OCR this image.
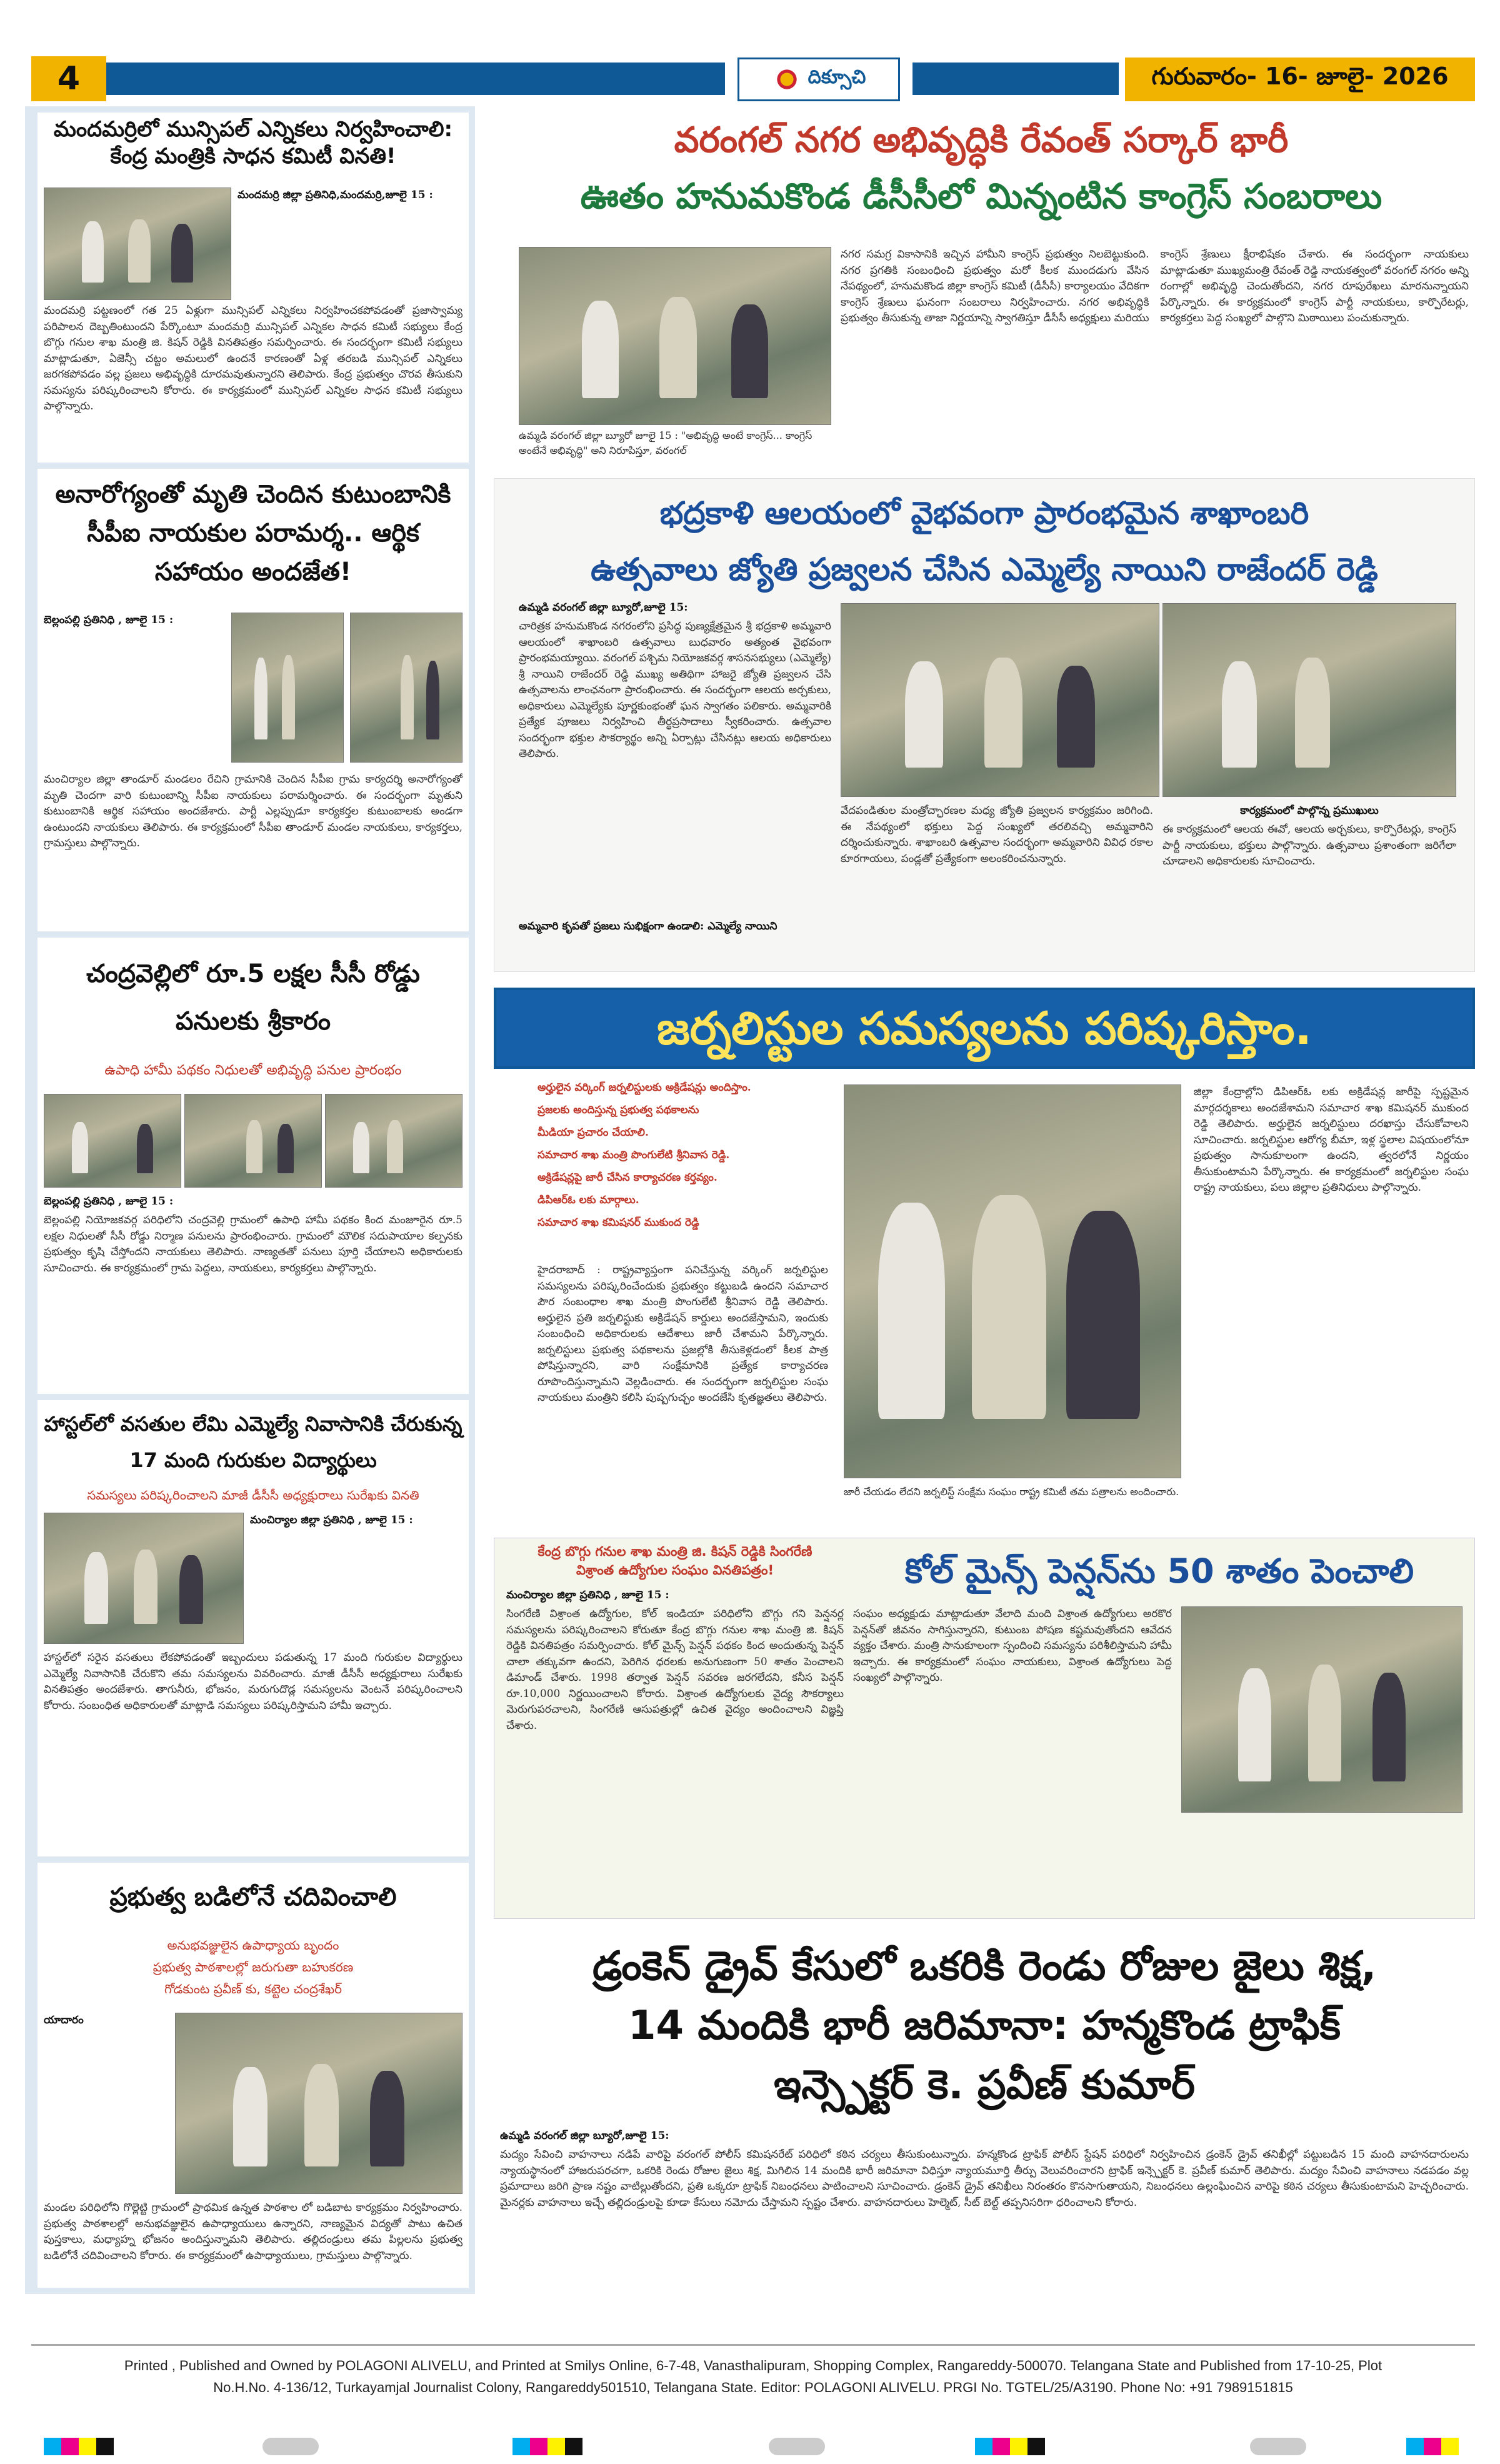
4	దిక్సూచి	గురువారం- 16- జూలై- 2026
మందమర్రిలో మున్సిపల్ ఎన్నికలు నిర్వహించాలి: కేంద్ర మంత్రికి సాధన కమిటీ వినతి!
మందమర్రి జిల్లా ప్రతినిధి,మందమర్రి,జూలై 15 :
మందమర్రి పట్టణంలో గత 25 ఏళ్లుగా మున్సిపల్ ఎన్నికలు నిర్వహించకపోవడంతో ప్రజాస్వామ్య పరిపాలన దెబ్బతింటుందని పేర్కొంటూ మందమర్రి మున్సిపల్ ఎన్నికల సాధన కమిటీ సభ్యులు కేంద్ర బొగ్గు గనుల శాఖ మంత్రి జి. కిషన్ రెడ్డికి వినతిపత్రం సమర్పించారు. ఈ సందర్భంగా కమిటీ సభ్యులు మాట్లాడుతూ, ఏజెన్సీ చట్టం అమలులో ఉందనే కారణంతో ఏళ్ల తరబడి మున్సిపల్ ఎన్నికలు జరగకపోవడం వల్ల ప్రజలు అభివృద్ధికి దూరమవుతున్నారని తెలిపారు. కేంద్ర ప్రభుత్వం చొరవ తీసుకుని సమస్యను పరిష్కరించాలని కోరారు. ఈ కార్యక్రమంలో మున్సిపల్ ఎన్నికల సాధన కమిటీ సభ్యులు పాల్గొన్నారు.
అనారోగ్యంతో మృతి చెందిన కుటుంబానికి సీపీఐ నాయకుల పరామర్శ.. ఆర్థిక సహాయం అందజేత!
బెల్లంపల్లి ప్రతినిధి , జూలై 15 :
మంచిర్యాల జిల్లా తాండూర్ మండలం రేచిని గ్రామానికి చెందిన సీపీఐ గ్రామ కార్యదర్శి అనారోగ్యంతో మృతి చెందగా వారి కుటుంబాన్ని సీపీఐ నాయకులు పరామర్శించారు. ఈ సందర్భంగా మృతుని కుటుంబానికి ఆర్థిక సహాయం అందజేశారు. పార్టీ ఎల్లప్పుడూ కార్యకర్తల కుటుంబాలకు అండగా ఉంటుందని నాయకులు తెలిపారు. ఈ కార్యక్రమంలో సీపీఐ తాండూర్ మండల నాయకులు, కార్యకర్తలు, గ్రామస్తులు పాల్గొన్నారు.
చంద్రవెల్లిలో రూ.5 లక్షల సీసీ రోడ్డు పనులకు శ్రీకారం
ఉపాధి హామీ పథకం నిధులతో అభివృద్ధి పనుల ప్రారంభం
బెల్లంపల్లి ప్రతినిధి , జూలై 15 :
బెల్లంపల్లి నియోజకవర్గ పరిధిలోని చంద్రవెల్లి గ్రామంలో ఉపాధి హామీ పథకం కింద మంజూరైన రూ.5 లక్షల నిధులతో సీసీ రోడ్డు నిర్మాణ పనులను ప్రారంభించారు. గ్రామంలో మౌలిక సదుపాయాల కల్పనకు ప్రభుత్వం కృషి చేస్తోందని నాయకులు తెలిపారు. నాణ్యతతో పనులు పూర్తి చేయాలని అధికారులకు సూచించారు. ఈ కార్యక్రమంలో గ్రామ పెద్దలు, నాయకులు, కార్యకర్తలు పాల్గొన్నారు.
హాస్టల్‌లో వసతుల లేమి ఎమ్మెల్యే నివాసానికి చేరుకున్న 17 మంది గురుకుల విద్యార్థులు
సమస్యలు పరిష్కరించాలని మాజీ డీసీసీ అధ్యక్షురాలు సురేఖకు వినతి
మంచిర్యాల జిల్లా ప్రతినిధి , జూలై 15 :
హాస్టల్‌లో సరైన వసతులు లేకపోవడంతో ఇబ్బందులు పడుతున్న 17 మంది గురుకుల విద్యార్థులు ఎమ్మెల్యే నివాసానికి చేరుకొని తమ సమస్యలను వివరించారు. మాజీ డీసీసీ అధ్యక్షురాలు సురేఖకు వినతిపత్రం అందజేశారు. తాగునీరు, భోజనం, మరుగుదొడ్ల సమస్యలను వెంటనే పరిష్కరించాలని కోరారు. సంబంధిత అధికారులతో మాట్లాడి సమస్యలు పరిష్కరిస్తామని హామీ ఇచ్చారు.
ప్రభుత్వ బడిలోనే చదివించాలి
అనుభవజ్ఞులైన ఉపాధ్యాయ బృందం
ప్రభుత్వ పాఠశాలల్లో జరుగుతా బహుకరణ
గోడకుంట ప్రవీణ్ కు, కట్టెల చంద్రశేఖర్
యాదారం
మండల పరిధిలోని గొల్లెట్టి గ్రామంలో ప్రాథమిక ఉన్నత పాఠశాల లో బడిబాట కార్యక్రమం నిర్వహించారు. ప్రభుత్వ పాఠశాలల్లో అనుభవజ్ఞులైన ఉపాధ్యాయులు ఉన్నారని, నాణ్యమైన విద్యతో పాటు ఉచిత పుస్తకాలు, మధ్యాహ్న భోజనం అందిస్తున్నామని తెలిపారు. తల్లిదండ్రులు తమ పిల్లలను ప్రభుత్వ బడిలోనే చదివించాలని కోరారు. ఈ కార్యక్రమంలో ఉపాధ్యాయులు, గ్రామస్తులు పాల్గొన్నారు.
వరంగల్ నగర అభివృద్ధికి రేవంత్ సర్కార్ భారీ
ఊతం హనుమకొండ డీసీసీలో మిన్నంటిన కాంగ్రెస్ సంబరాలు
ఉమ్మడి వరంగల్ జిల్లా బ్యూరో జూలై 15 : "అభివృద్ధి అంటే కాంగ్రెస్... కాంగ్రెస్ అంటేనే అభివృద్ధి" అని నిరూపిస్తూ, వరంగల్
నగర సమగ్ర వికాసానికి ఇచ్చిన హామీని కాంగ్రెస్ ప్రభుత్వం నిలబెట్టుకుంది. నగర ప్రగతికి సంబంధించి ప్రభుత్వం మరో కీలక ముందడుగు వేసిన నేపథ్యంలో, హనుమకొండ జిల్లా కాంగ్రెస్ కమిటీ (డీసీసీ) కార్యాలయం వేదికగా కాంగ్రెస్ శ్రేణులు ఘనంగా సంబరాలు నిర్వహించారు. నగర అభివృద్ధికి ప్రభుత్వం తీసుకున్న తాజా నిర్ణయాన్ని స్వాగతిస్తూ డీసీసీ అధ్యక్షులు మరియు కాంగ్రెస్ శ్రేణులు క్షీరాభిషేకం చేశారు. ఈ సందర్భంగా నాయకులు మాట్లాడుతూ ముఖ్యమంత్రి రేవంత్ రెడ్డి నాయకత్వంలో వరంగల్ నగరం అన్ని రంగాల్లో అభివృద్ధి చెందుతోందని, నగర రూపురేఖలు మారనున్నాయని పేర్కొన్నారు. ఈ కార్యక్రమంలో కాంగ్రెస్ పార్టీ నాయకులు, కార్పొరేటర్లు, కార్యకర్తలు పెద్ద సంఖ్యలో పాల్గొని మిఠాయిలు పంచుకున్నారు.
భద్రకాళి ఆలయంలో వైభవంగా ప్రారంభమైన శాఖాంబరి
ఉత్సవాలు జ్యోతి ప్రజ్వలన చేసిన ఎమ్మెల్యే నాయిని రాజేందర్ రెడ్డి
ఉమ్మడి వరంగల్ జిల్లా బ్యూరో,జూలై 15:
చారిత్రక హనుమకొండ నగరంలోని ప్రసిద్ధ పుణ్యక్షేత్రమైన శ్రీ భద్రకాళి అమ్మవారి ఆలయంలో శాఖాంబరి ఉత్సవాలు బుధవారం అత్యంత వైభవంగా ప్రారంభమయ్యాయి. వరంగల్ పశ్చిమ నియోజకవర్గ శాసనసభ్యులు (ఎమ్మెల్యే) శ్రీ నాయిని రాజేందర్ రెడ్డి ముఖ్య అతిథిగా హాజరై జ్యోతి ప్రజ్వలన చేసి ఉత్సవాలను లాంఛనంగా ప్రారంభించారు. ఈ సందర్భంగా ఆలయ అర్చకులు, అధికారులు ఎమ్మెల్యేకు పూర్ణకుంభంతో ఘన స్వాగతం పలికారు. అమ్మవారికి ప్రత్యేక పూజలు నిర్వహించి తీర్థప్రసాదాలు స్వీకరించారు. ఉత్సవాల సందర్భంగా భక్తుల సౌకర్యార్థం అన్ని ఏర్పాట్లు చేసినట్లు ఆలయ అధికారులు తెలిపారు.
అమ్మవారి కృపతో ప్రజలు సుభిక్షంగా ఉండాలి: ఎమ్మెల్యే నాయిని
వేదపండితుల మంత్రోచ్ఛారణల మధ్య జ్యోతి ప్రజ్వలన కార్యక్రమం జరిగింది. ఈ నేపథ్యంలో భక్తులు పెద్ద సంఖ్యలో తరలివచ్చి అమ్మవారిని దర్శించుకున్నారు. శాఖాంబరి ఉత్సవాల సందర్భంగా అమ్మవారిని వివిధ రకాల కూరగాయలు, పండ్లతో ప్రత్యేకంగా అలంకరించనున్నారు.
కార్యక్రమంలో పాల్గొన్న ప్రముఖులు
ఈ కార్యక్రమంలో ఆలయ ఈవో, ఆలయ అర్చకులు, కార్పొరేటర్లు, కాంగ్రెస్ పార్టీ నాయకులు, భక్తులు పాల్గొన్నారు. ఉత్సవాలు ప్రశాంతంగా జరిగేలా చూడాలని అధికారులకు సూచించారు.
జర్నలిస్టుల సమస్యలను పరిష్కరిస్తాం.
అర్హులైన వర్కింగ్ జర్నలిస్టులకు అక్రిడేషన్లు అందిస్తాం.
ప్రజలకు అందిస్తున్న ప్రభుత్వ పథకాలను
మీడియా ప్రచారం చేయాలి.
సమాచార శాఖ మంత్రి పొంగులేటి శ్రీనివాస రెడ్డి.
అక్రిడేషన్లపై జారీ చేసిన కార్యాచరణ కర్తవ్యం.
డిపిఆర్ఓ లకు మార్గాలు.
సమాచార శాఖ కమిషనర్ ముకుంద రెడ్డి
హైదరాబాద్ : రాష్ట్రవ్యాప్తంగా పనిచేస్తున్న వర్కింగ్ జర్నలిస్టుల సమస్యలను పరిష్కరించేందుకు ప్రభుత్వం కట్టుబడి ఉందని సమాచార పౌర సంబంధాల శాఖ మంత్రి పొంగులేటి శ్రీనివాస రెడ్డి తెలిపారు. అర్హులైన ప్రతి జర్నలిస్టుకు అక్రిడేషన్ కార్డులు అందజేస్తామని, ఇందుకు సంబంధించి అధికారులకు ఆదేశాలు జారీ చేశామని పేర్కొన్నారు. జర్నలిస్టులు ప్రభుత్వ పథకాలను ప్రజల్లోకి తీసుకెళ్లడంలో కీలక పాత్ర పోషిస్తున్నారని, వారి సంక్షేమానికి ప్రత్యేక కార్యాచరణ రూపొందిస్తున్నామని వెల్లడించారు. ఈ సందర్భంగా జర్నలిస్టుల సంఘ నాయకులు మంత్రిని కలిసి పుష్పగుచ్ఛం అందజేసి కృతజ్ఞతలు తెలిపారు.
జారీ చేయడం లేదని జర్నలిస్ట్ సంక్షేమ సంఘం రాష్ట్ర కమిటీ తమ పత్రాలను అందించారు.
జిల్లా కేంద్రాల్లోని డిపిఆర్ఓ లకు అక్రిడేషన్ల జారీపై స్పష్టమైన మార్గదర్శకాలు అందజేశామని సమాచార శాఖ కమిషనర్ ముకుంద రెడ్డి తెలిపారు. అర్హులైన జర్నలిస్టులు దరఖాస్తు చేసుకోవాలని సూచించారు. జర్నలిస్టుల ఆరోగ్య బీమా, ఇళ్ల స్థలాల విషయంలోనూ ప్రభుత్వం సానుకూలంగా ఉందని, త్వరలోనే నిర్ణయం తీసుకుంటామని పేర్కొన్నారు. ఈ కార్యక్రమంలో జర్నలిస్టుల సంఘ రాష్ట్ర నాయకులు, పలు జిల్లాల ప్రతినిధులు పాల్గొన్నారు.
కేంద్ర బొగ్గు గనుల శాఖ మంత్రి జి. కిషన్ రెడ్డికి సింగరేణి
విశ్రాంత ఉద్యోగుల సంఘం వినతిపత్రం!	కోల్ మైన్స్ పెన్షన్‌ను 50 శాతం పెంచాలి
మంచిర్యాల జిల్లా ప్రతినిధి , జూలై 15 :
సింగరేణి విశ్రాంత ఉద్యోగుల, కోల్ ఇండియా పరిధిలోని బొగ్గు గని పెన్షనర్ల సమస్యలను పరిష్కరించాలని కోరుతూ కేంద్ర బొగ్గు గనుల శాఖ మంత్రి జి. కిషన్ రెడ్డికి వినతిపత్రం సమర్పించారు. కోల్ మైన్స్ పెన్షన్ పథకం కింద అందుతున్న పెన్షన్ చాలా తక్కువగా ఉందని, పెరిగిన ధరలకు అనుగుణంగా 50 శాతం పెంచాలని డిమాండ్ చేశారు. 1998 తర్వాత పెన్షన్ సవరణ జరగలేదని, కనీస పెన్షన్ రూ.10,000 నిర్ణయించాలని కోరారు. విశ్రాంత ఉద్యోగులకు వైద్య సౌకర్యాలు మెరుగుపరచాలని, సింగరేణి ఆసుపత్రుల్లో ఉచిత వైద్యం అందించాలని విజ్ఞప్తి చేశారు.
సంఘం అధ్యక్షుడు మాట్లాడుతూ వేలాది మంది విశ్రాంత ఉద్యోగులు అరకొర పెన్షన్‌తో జీవనం సాగిస్తున్నారని, కుటుంబ పోషణ కష్టమవుతోందని ఆవేదన వ్యక్తం చేశారు. మంత్రి సానుకూలంగా స్పందించి సమస్యను పరిశీలిస్తామని హామీ ఇచ్చారు. ఈ కార్యక్రమంలో సంఘం నాయకులు, విశ్రాంత ఉద్యోగులు పెద్ద సంఖ్యలో పాల్గొన్నారు.
డ్రంకెన్ డ్రైవ్ కేసులో ఒకరికి రెండు రోజుల జైలు శిక్ష,
14 మందికి భారీ జరిమానా: హన్మకొండ ట్రాఫిక్
ఇన్స్పెక్టర్ కె. ప్రవీణ్ కుమార్
ఉమ్మడి వరంగల్ జిల్లా బ్యూరో,జూలై 15:
మద్యం సేవించి వాహనాలు నడిపే వారిపై వరంగల్ పోలీస్ కమిషనరేట్ పరిధిలో కఠిన చర్యలు తీసుకుంటున్నారు. హన్మకొండ ట్రాఫిక్ పోలీస్ స్టేషన్ పరిధిలో నిర్వహించిన డ్రంకెన్ డ్రైవ్ తనిఖీల్లో పట్టుబడిన 15 మంది వాహనదారులను న్యాయస్థానంలో హాజరుపరచగా, ఒకరికి రెండు రోజుల జైలు శిక్ష, మిగిలిన 14 మందికి భారీ జరిమానా విధిస్తూ న్యాయమూర్తి తీర్పు వెలువరించారని ట్రాఫిక్ ఇన్స్పెక్టర్ కె. ప్రవీణ్ కుమార్ తెలిపారు. మద్యం సేవించి వాహనాలు నడపడం వల్ల ప్రమాదాలు జరిగి ప్రాణ నష్టం వాటిల్లుతోందని, ప్రతి ఒక్కరూ ట్రాఫిక్ నిబంధనలు పాటించాలని సూచించారు. డ్రంకెన్ డ్రైవ్ తనిఖీలు నిరంతరం కొనసాగుతాయని, నిబంధనలు ఉల్లంఘించిన వారిపై కఠిన చర్యలు తీసుకుంటామని హెచ్చరించారు. మైనర్లకు వాహనాలు ఇచ్చే తల్లిదండ్రులపై కూడా కేసులు నమోదు చేస్తామని స్పష్టం చేశారు. వాహనదారులు హెల్మెట్, సీట్ బెల్ట్ తప్పనిసరిగా ధరించాలని కోరారు.
Printed , Published and Owned by POLAGONI ALIVELU, and Printed at Smilys Online, 6-7-48, Vanasthalipuram, Shopping Complex, Rangareddy-500070. Telangana State and Published from 17-10-25, Plot
No.H.No. 4-136/12, Turkayamjal Journalist Colony, Rangareddy501510, Telangana State. Editor: POLAGONI ALIVELU. PRGI No. TGTEL/25/A3190. Phone No: +91 7989151815
